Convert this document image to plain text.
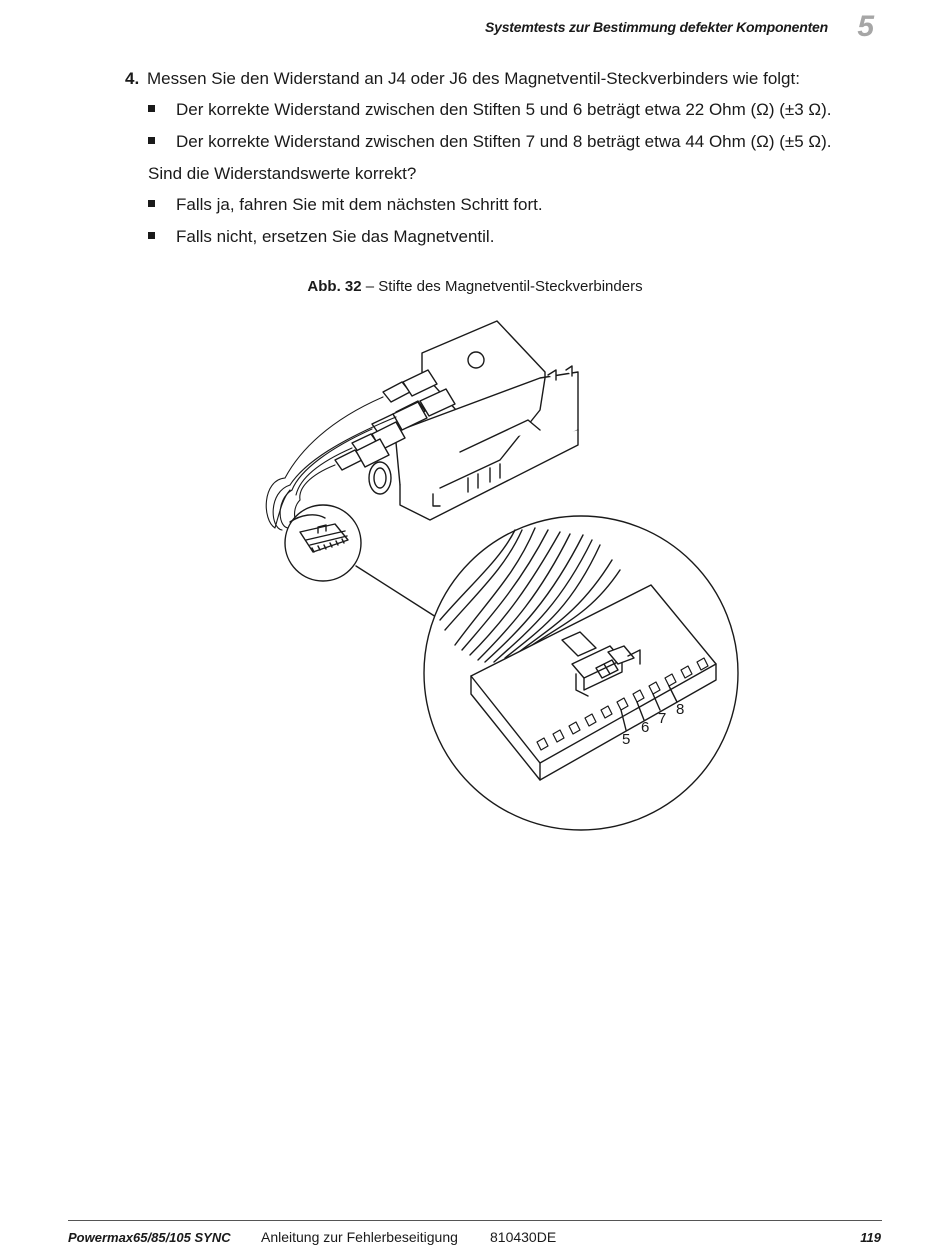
Systemtests zur Bestimmung defekter Komponenten 5
4. Messen Sie den Widerstand an J4 oder J6 des Magnetventil-Steckverbinders wie folgt:
Der korrekte Widerstand zwischen den Stiften 5 und 6 beträgt etwa 22 Ohm (Ω) (±3 Ω).
Der korrekte Widerstand zwischen den Stiften 7 und 8 beträgt etwa 44 Ohm (Ω) (±5 Ω).
Sind die Widerstandswerte korrekt?
Falls ja, fahren Sie mit dem nächsten Schritt fort.
Falls nicht, ersetzen Sie das Magnetventil.
Abb. 32 – Stifte des Magnetventil-Steckverbinders
5
6
7
8
Powermax65/85/105 SYNC Anleitung zur Fehlerbeseitigung 810430DE	119
